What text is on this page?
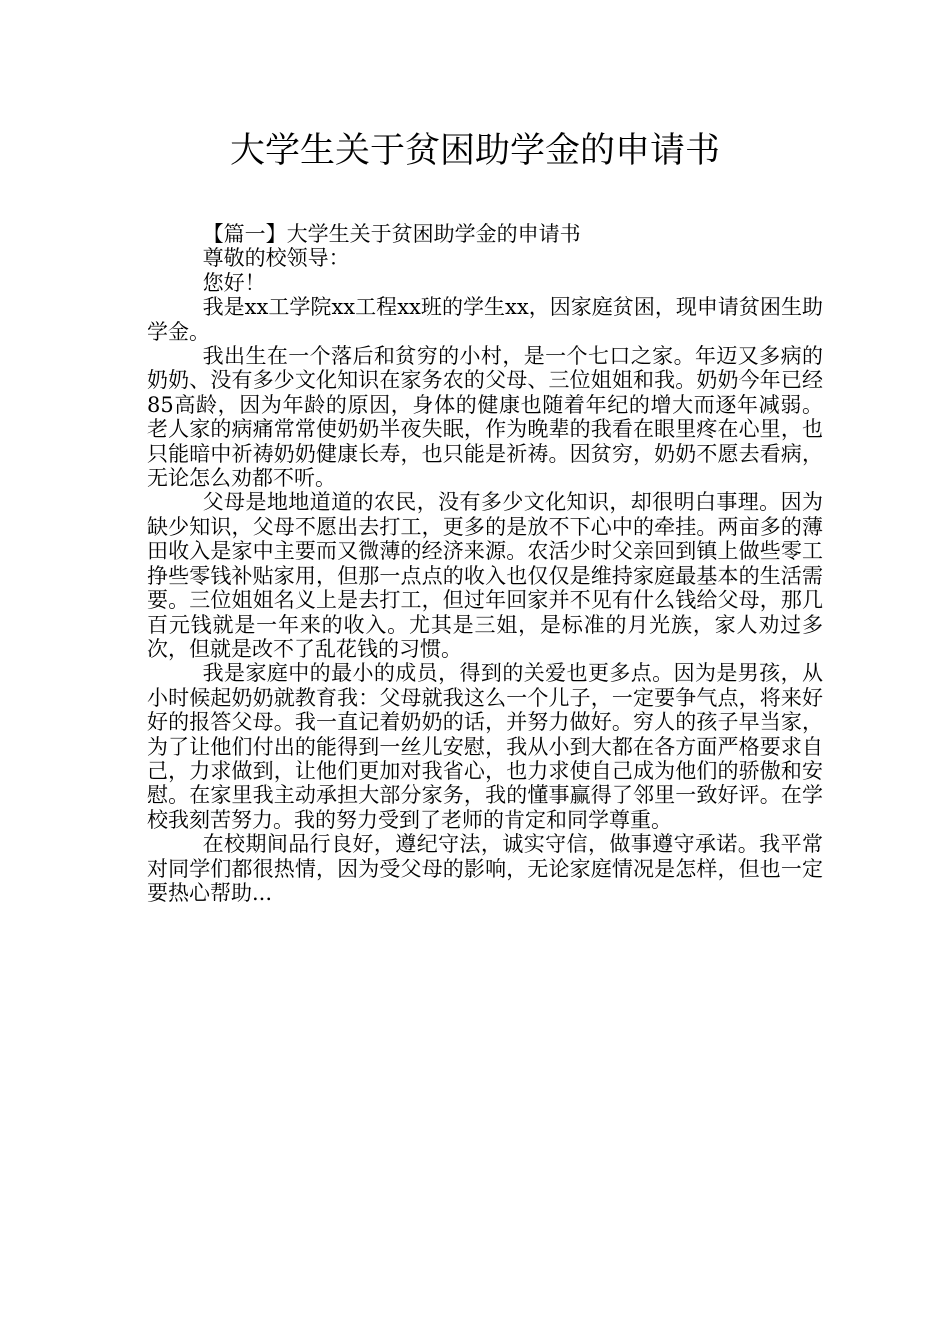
大学生关于贫困助学金的申请书

【篇一】大学生关于贫困助学金的申请书

尊敬的校领导：

您好！

我是xx工学院xx工程xx班的学生xx，因家庭贫困，现申请贫困生助学金。

我出生在一个落后和贫穷的小村，是一个七口之家。年迈又多病的奶奶、没有多少文化知识在家务农的父母、三位姐姐和我。奶奶今年已经85高龄，因为年龄的原因，身体的健康也随着年纪的增大而逐年减弱。老人家的病痛常常使奶奶半夜失眠，作为晚辈的我看在眼里疼在心里，也只能暗中祈祷奶奶健康长寿，也只能是祈祷。因贫穷，奶奶不愿去看病，无论怎么劝都不听。

父母是地地道道的农民，没有多少文化知识，却很明白事理。因为缺少知识，父母不愿出去打工，更多的是放不下心中的牵挂。两亩多的薄田收入是家中主要而又微薄的经济来源。农活少时父亲回到镇上做些零工挣些零钱补贴家用，但那一点点的收入也仅仅是维持家庭最基本的生活需要。三位姐姐名义上是去打工，但过年回家并不见有什么钱给父母，那几百元钱就是一年来的收入。尤其是三姐，是标准的月光族，家人劝过多次，但就是改不了乱花钱的习惯。

我是家庭中的最小的成员，得到的关爱也更多点。因为是男孩，从小时候起奶奶就教育我：父母就我这么一个儿子，一定要争气点，将来好好的报答父母。我一直记着奶奶的话，并努力做好。穷人的孩子早当家，为了让他们付出的能得到一丝儿安慰，我从小到大都在各方面严格要求自己，力求做到，让他们更加对我省心，也力求使自己成为他们的骄傲和安慰。在家里我主动承担大部分家务，我的懂事赢得了邻里一致好评。在学校我刻苦努力。我的努力受到了老师的肯定和同学尊重。

在校期间品行良好，遵纪守法，诚实守信，做事遵守承诺。我平常对同学们都很热情，因为受父母的影响，无论家庭情况是怎样，但也一定要热心帮助...
